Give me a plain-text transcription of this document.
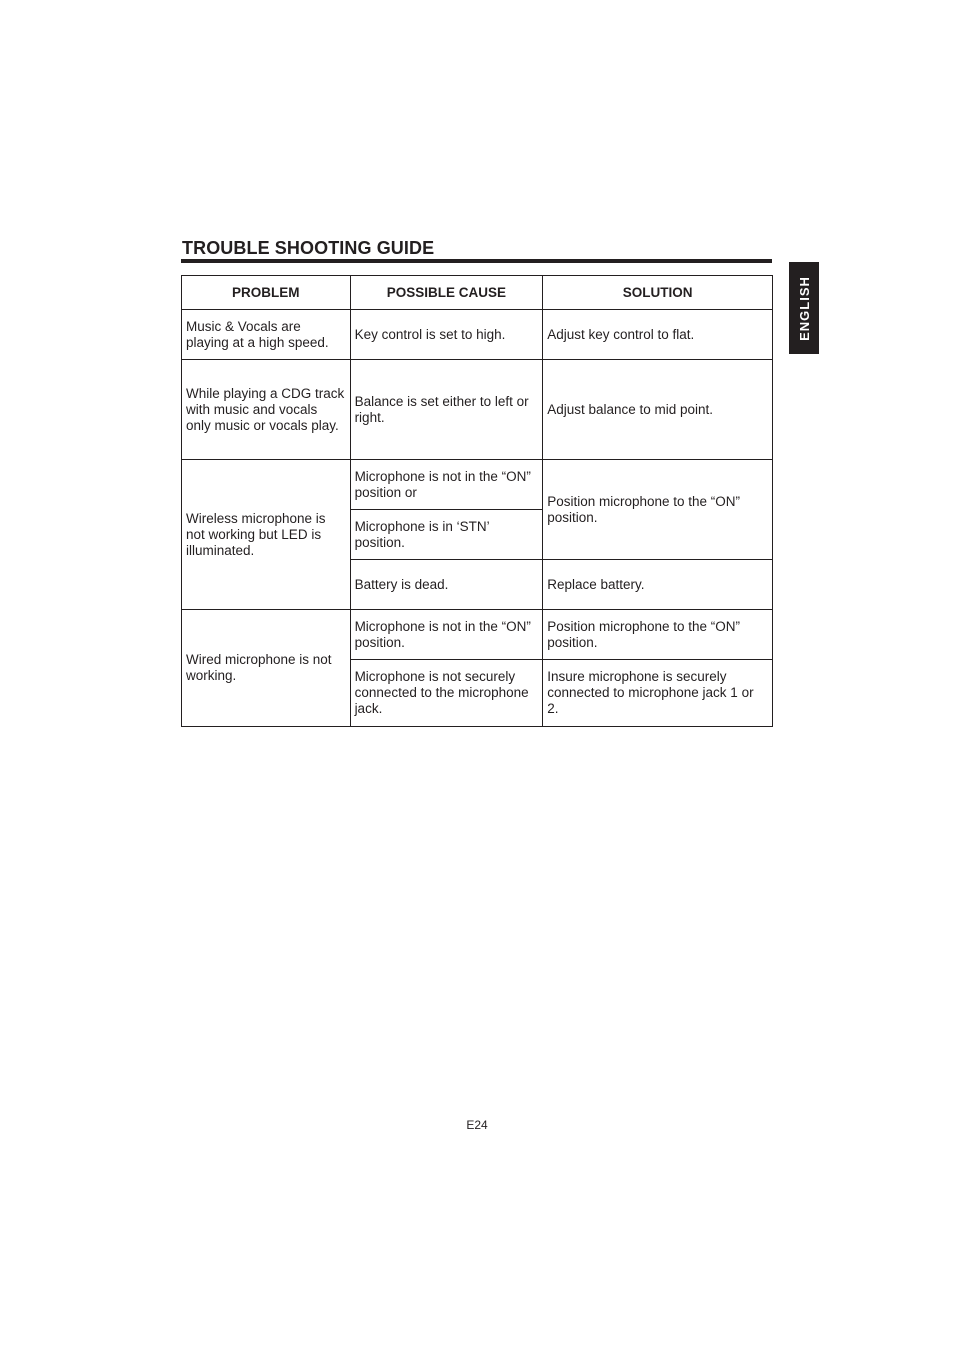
TROUBLE SHOOTING GUIDE
ENGLISH
PROBLEM	POSSIBLE CAUSE	SOLUTION
Music & Vocals are playing at a high speed.	Key control is set to high.	Adjust key control to flat.
While playing a CDG track with music and vocals only music or vocals play.	Balance is set either to left or right.	Adjust balance to mid point.
Wireless microphone is not working but LED is illuminated.	Microphone is not in the “ON” position or	Position microphone to the “ON” position.
	Microphone is in ‘STN’ position.	
	Battery is dead.	Replace battery.
Wired microphone is not working.	Microphone is not in the “ON” position.	Position microphone to the “ON” position.
	Microphone is not securely connected to the microphone jack.	Insure microphone is securely connected to microphone jack 1 or 2.
E24
